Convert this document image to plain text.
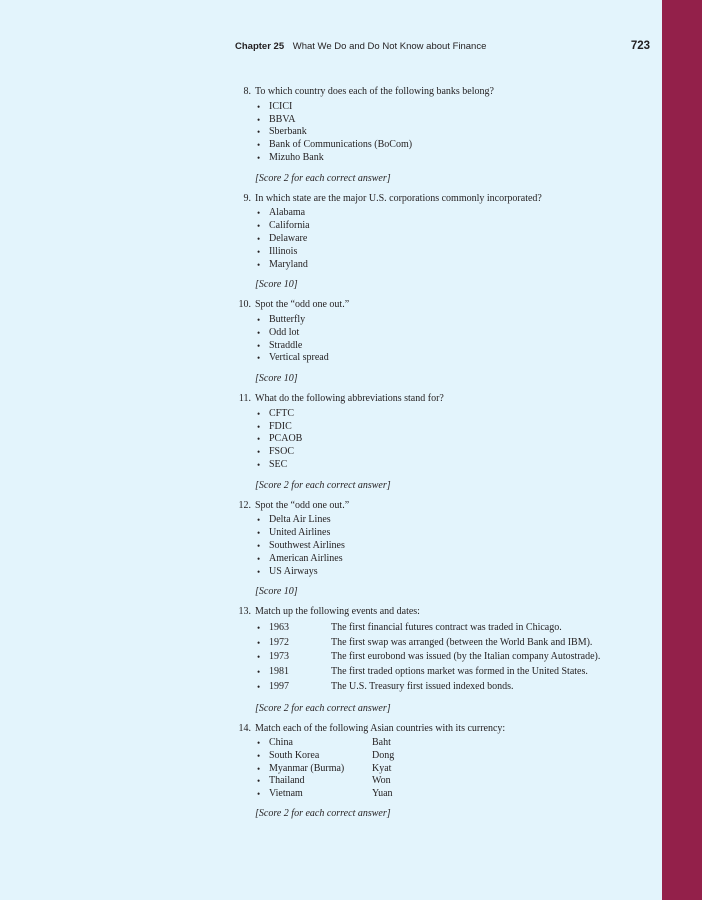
Chapter 25 What We Do and Do Not Know about Finance	723
8. To which country does each of the following banks belong?
• ICICI
• BBVA
• Sberbank
• Bank of Communications (BoCom)
• Mizuho Bank
[Score 2 for each correct answer]
9. In which state are the major U.S. corporations commonly incorporated?
• Alabama
• California
• Delaware
• Illinois
• Maryland
[Score 10]
10. Spot the “odd one out.”
• Butterfly
• Odd lot
• Straddle
• Vertical spread
[Score 10]
11. What do the following abbreviations stand for?
• CFTC
• FDIC
• PCAOB
• FSOC
• SEC
[Score 2 for each correct answer]
12. Spot the “odd one out.”
• Delta Air Lines
• United Airlines
• Southwest Airlines
• American Airlines
• US Airways
[Score 10]
13. Match up the following events and dates:
• 1963	The first financial futures contract was traded in Chicago.
• 1972	The first swap was arranged (between the World Bank and IBM).
• 1973	The first eurobond was issued (by the Italian company Autostrade).
• 1981	The first traded options market was formed in the United States.
• 1997	The U.S. Treasury first issued indexed bonds.
[Score 2 for each correct answer]
14. Match each of the following Asian countries with its currency:
• China	Baht
• South Korea	Dong
• Myanmar (Burma)	Kyat
• Thailand	Won
• Vietnam	Yuan
[Score 2 for each correct answer]
